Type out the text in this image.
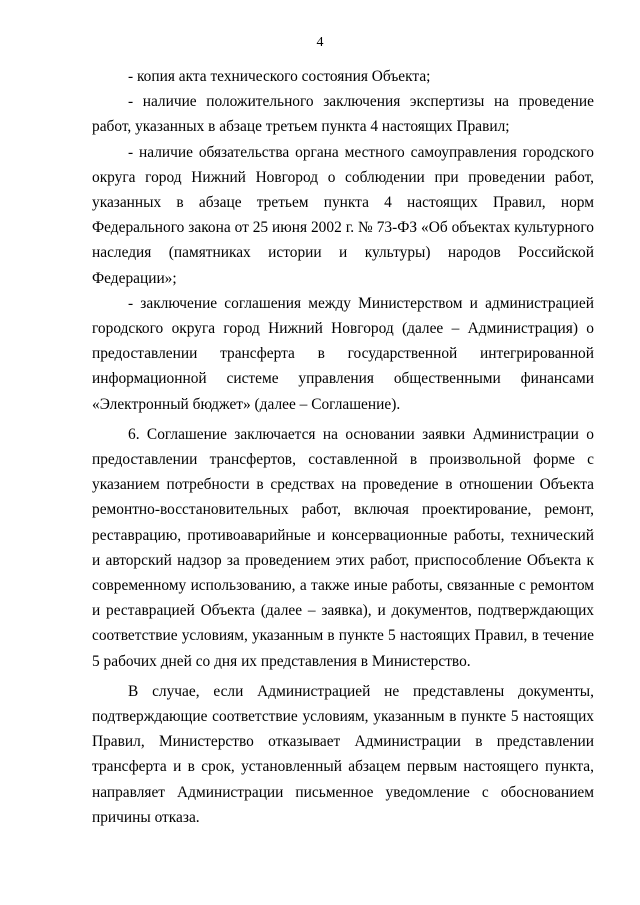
4

- копия акта технического состояния Объекта;

- наличие положительного заключения экспертизы на проведение работ, указанных в абзаце третьем пункта 4 настоящих Правил;

- наличие обязательства органа местного самоуправления городского округа город Нижний Новгород о соблюдении при проведении работ, указанных в абзаце третьем пункта 4 настоящих Правил, норм Федерального закона от 25 июня 2002 г. № 73-ФЗ «Об объектах культурного наследия (памятниках истории и культуры) народов Российской Федерации»;

- заключение соглашения между Министерством и администрацией городского округа город Нижний Новгород (далее – Администрация) о предоставлении трансферта в государственной интегрированной информационной системе управления общественными финансами «Электронный бюджет» (далее – Соглашение).

6. Соглашение заключается на основании заявки Администрации о предоставлении трансфертов, составленной в произвольной форме с указанием потребности в средствах на проведение в отношении Объекта ремонтно-восстановительных работ, включая проектирование, ремонт, реставрацию, противоаварийные и консервационные работы, технический и авторский надзор за проведением этих работ, приспособление Объекта к современному использованию, а также иные работы, связанные с ремонтом и реставрацией Объекта (далее – заявка), и документов, подтверждающих соответствие условиям, указанным в пункте 5 настоящих Правил, в течение 5 рабочих дней со дня их представления в Министерство.

В случае, если Администрацией не представлены документы, подтверждающие соответствие условиям, указанным в пункте 5 настоящих Правил, Министерство отказывает Администрации в представлении трансферта и в срок, установленный абзацем первым настоящего пункта, направляет Администрации письменное уведомление с обоснованием причины отказа.
